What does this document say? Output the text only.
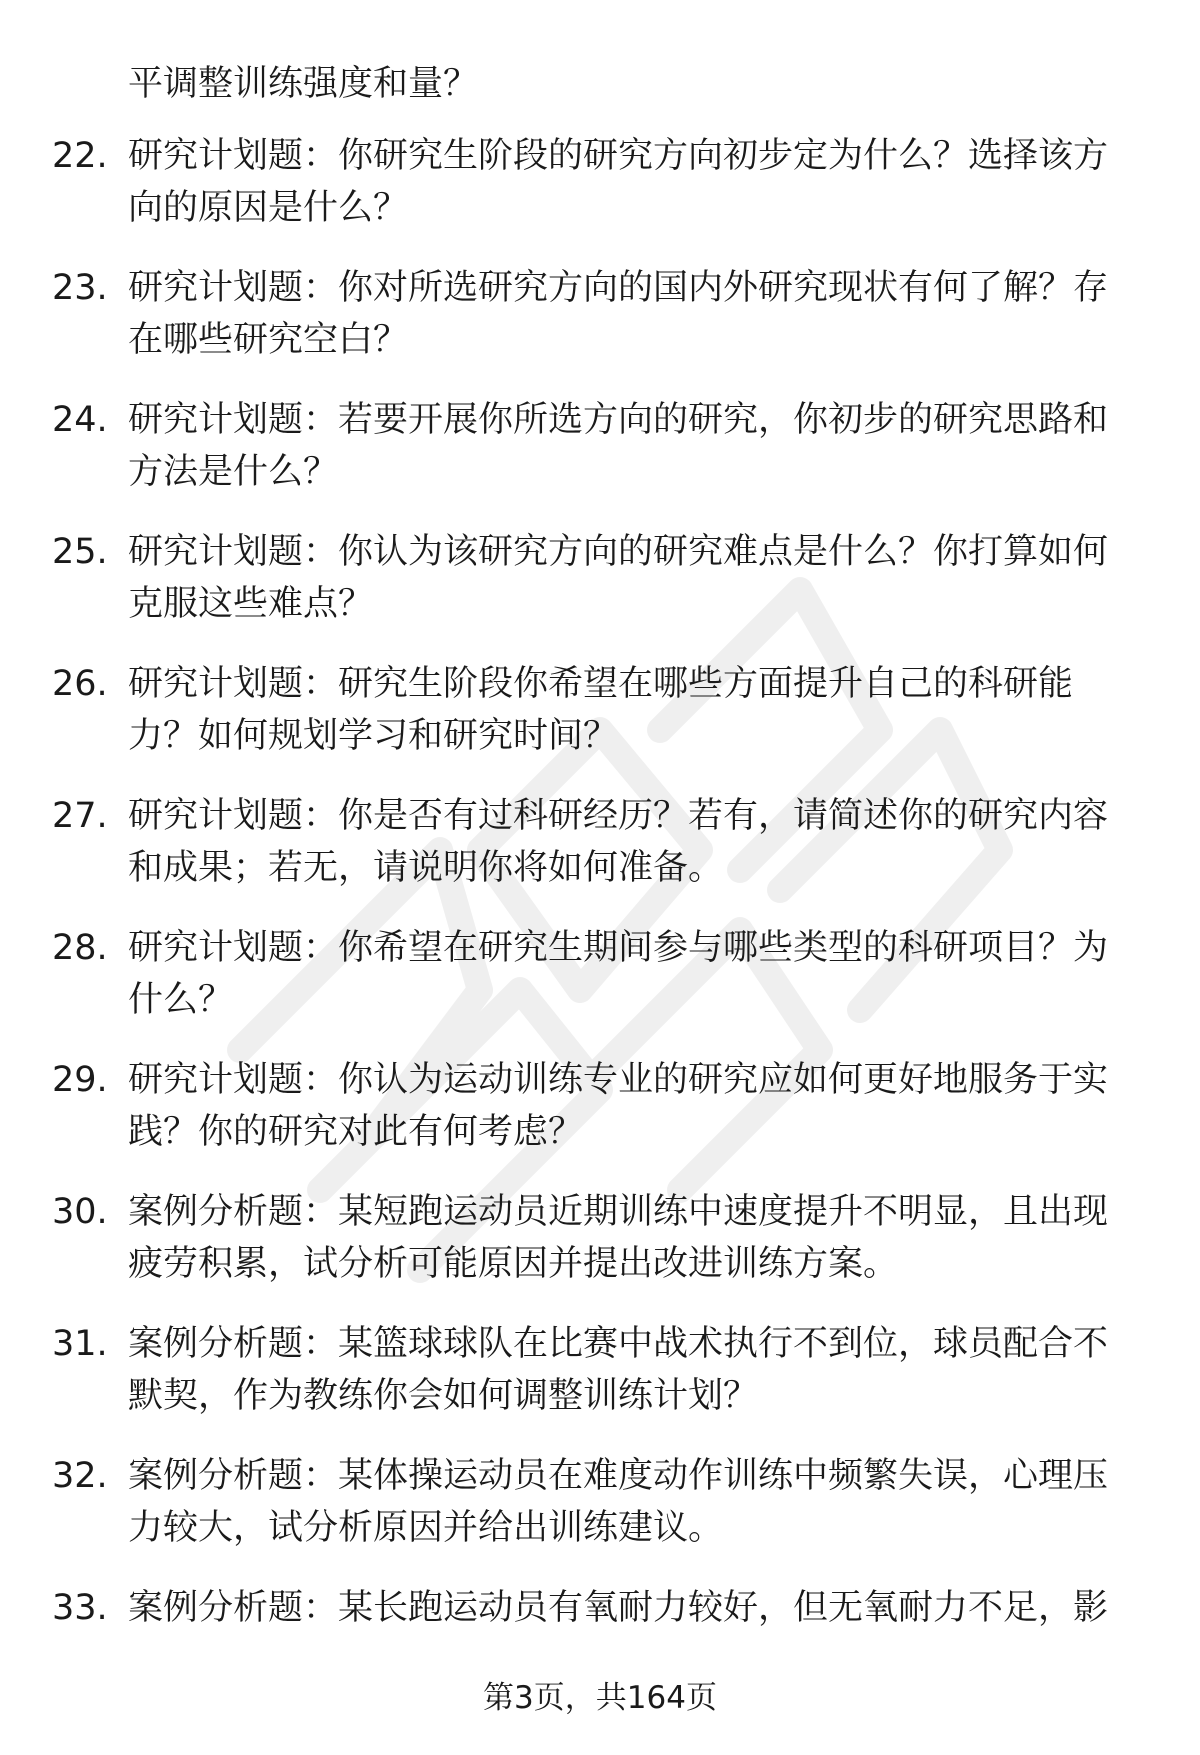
平调整训练强度和量？
22. 研究计划题：你研究生阶段的研究方向初步定为什么？选择该方
向的原因是什么？
23. 研究计划题：你对所选研究方向的国内外研究现状有何了解？存
在哪些研究空白？
24. 研究计划题：若要开展你所选方向的研究，你初步的研究思路和
方法是什么？
25. 研究计划题：你认为该研究方向的研究难点是什么？你打算如何
克服这些难点？
26. 研究计划题：研究生阶段你希望在哪些方面提升自己的科研能
力？如何规划学习和研究时间？
27. 研究计划题：你是否有过科研经历？若有，请简述你的研究内容
和成果；若无，请说明你将如何准备。
28. 研究计划题：你希望在研究生期间参与哪些类型的科研项目？为
什么？
29. 研究计划题：你认为运动训练专业的研究应如何更好地服务于实
践？你的研究对此有何考虑？
30. 案例分析题：某短跑运动员近期训练中速度提升不明显，且出现
疲劳积累，试分析可能原因并提出改进训练方案。
31. 案例分析题：某篮球球队在比赛中战术执行不到位，球员配合不
默契，作为教练你会如何调整训练计划？
32. 案例分析题：某体操运动员在难度动作训练中频繁失误，心理压
力较大，试分析原因并给出训练建议。
33. 案例分析题：某长跑运动员有氧耐力较好，但无氧耐力不足，影
第3页，共164页
